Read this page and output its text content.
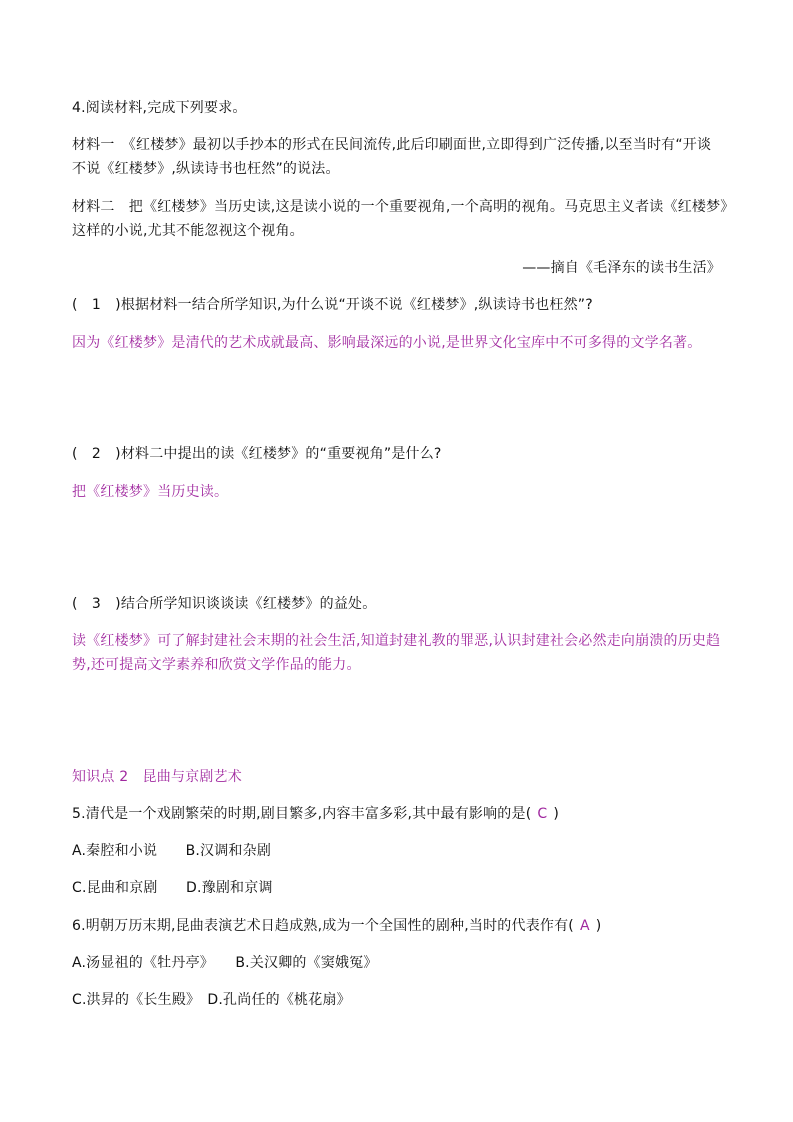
4.阅读材料,完成下列要求。
材料一　《红楼梦》最初以手抄本的形式在民间流传,此后印刷面世,立即得到广泛传播,以至当时有“开谈
不说《红楼梦》,纵读诗书也枉然”的说法。
材料二　把《红楼梦》当历史读,这是读小说的一个重要视角,一个高明的视角。马克思主义者读《红楼梦》
这样的小说,尤其不能忽视这个视角。
——摘自《毛泽东的读书生活》
(　1　)根据材料一结合所学知识,为什么说“开谈不说《红楼梦》,纵读诗书也枉然”?
因为《红楼梦》是清代的艺术成就最高、影响最深远的小说,是世界文化宝库中不可多得的文学名著。
(　2　)材料二中提出的读《红楼梦》的“重要视角”是什么?
把《红楼梦》当历史读。
(　3　)结合所学知识谈谈读《红楼梦》的益处。
读《红楼梦》可了解封建社会末期的社会生活,知道封建礼教的罪恶,认识封建社会必然走向崩溃的历史趋
势,还可提高文学素养和欣赏文学作品的能力。
知识点 2　昆曲与京剧艺术
5.清代是一个戏剧繁荣的时期,剧目繁多,内容丰富多彩,其中最有影响的是( C )
A.秦腔和小说　　B.汉调和杂剧
C.昆曲和京剧　　D.豫剧和京调
6.明朝万历末期,昆曲表演艺术日趋成熟,成为一个全国性的剧种,当时的代表作有( A )
A.汤显祖的《牡丹亭》　　B.关汉卿的《窦娥冤》
C.洪昇的《长生殿》　D.孔尚任的《桃花扇》
